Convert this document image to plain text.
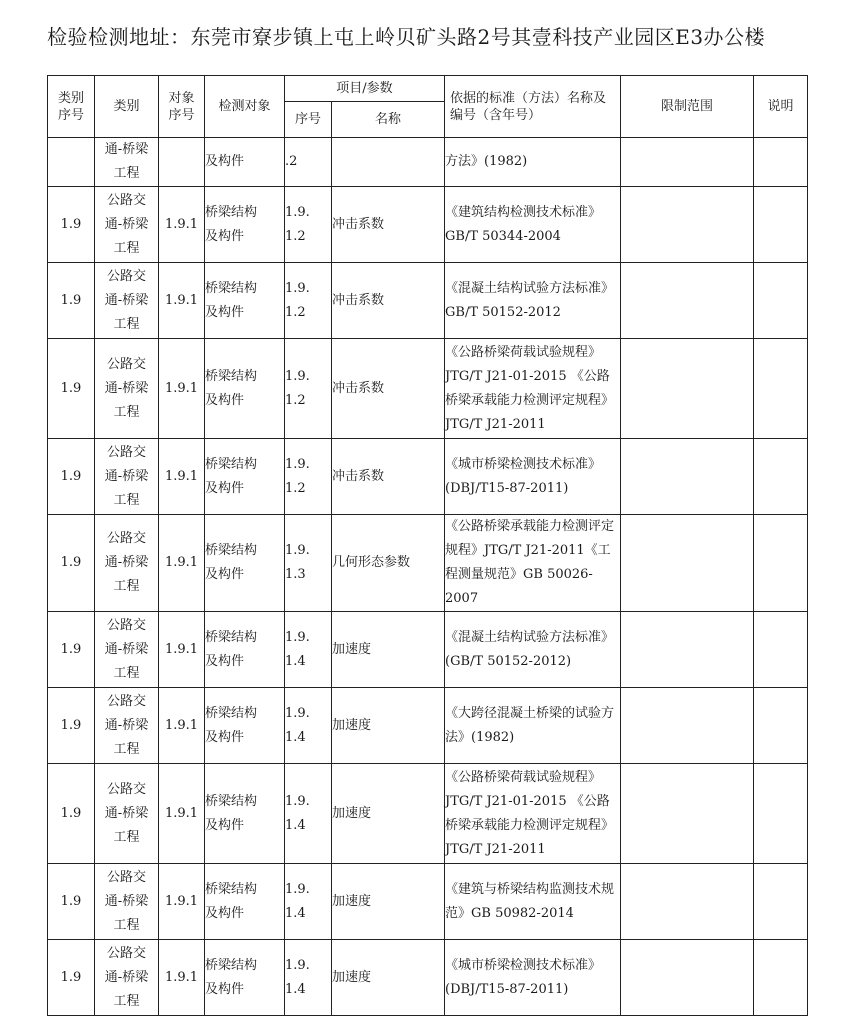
检验检测地址：东莞市寮步镇上屯上岭贝矿头路2号其壹科技产业园区E3办公楼
类别序号	类别	对象序号	检测对象	项目/参数		依据的标准（方法）名称及编号（含年号）	限制范围	说明
				序号	名称			

	通-桥梁工程		及构件	.2		方法》(1982)		

1.9	公路交通-桥梁工程	1.9.1	桥梁结构及构件	1.9.1.2	冲击系数	《建筑结构检测技术标准》GB/T 50344-2004		

1.9	公路交通-桥梁工程	1.9.1	桥梁结构及构件	1.9.1.2	冲击系数	《混凝土结构试验方法标准》GB/T 50152-2012		

1.9	公路交通-桥梁工程	1.9.1	桥梁结构及构件	1.9.1.2	冲击系数	《公路桥梁荷载试验规程》JTG/T J21-01-2015 《公路桥梁承载能力检测评定规程》JTG/T J21-2011		

1.9	公路交通-桥梁工程	1.9.1	桥梁结构及构件	1.9.1.2	冲击系数	《城市桥梁检测技术标准》(DBJ/T15-87-2011)		

1.9	公路交通-桥梁工程	1.9.1	桥梁结构及构件	1.9.1.3	几何形态参数	《公路桥梁承载能力检测评定规程》JTG/T J21-2011《工程测量规范》GB 50026-2007		

1.9	公路交通-桥梁工程	1.9.1	桥梁结构及构件	1.9.1.4	加速度	《混凝土结构试验方法标准》(GB/T 50152-2012)		

1.9	公路交通-桥梁工程	1.9.1	桥梁结构及构件	1.9.1.4	加速度	《大跨径混凝土桥梁的试验方法》(1982)		

1.9	公路交通-桥梁工程	1.9.1	桥梁结构及构件	1.9.1.4	加速度	《公路桥梁荷载试验规程》JTG/T J21-01-2015 《公路桥梁承载能力检测评定规程》JTG/T J21-2011		

1.9	公路交通-桥梁工程	1.9.1	桥梁结构及构件	1.9.1.4	加速度	《建筑与桥梁结构监测技术规范》GB 50982-2014		

1.9	公路交通-桥梁工程	1.9.1	桥梁结构及构件	1.9.1.4	加速度	《城市桥梁检测技术标准》(DBJ/T15-87-2011)		
